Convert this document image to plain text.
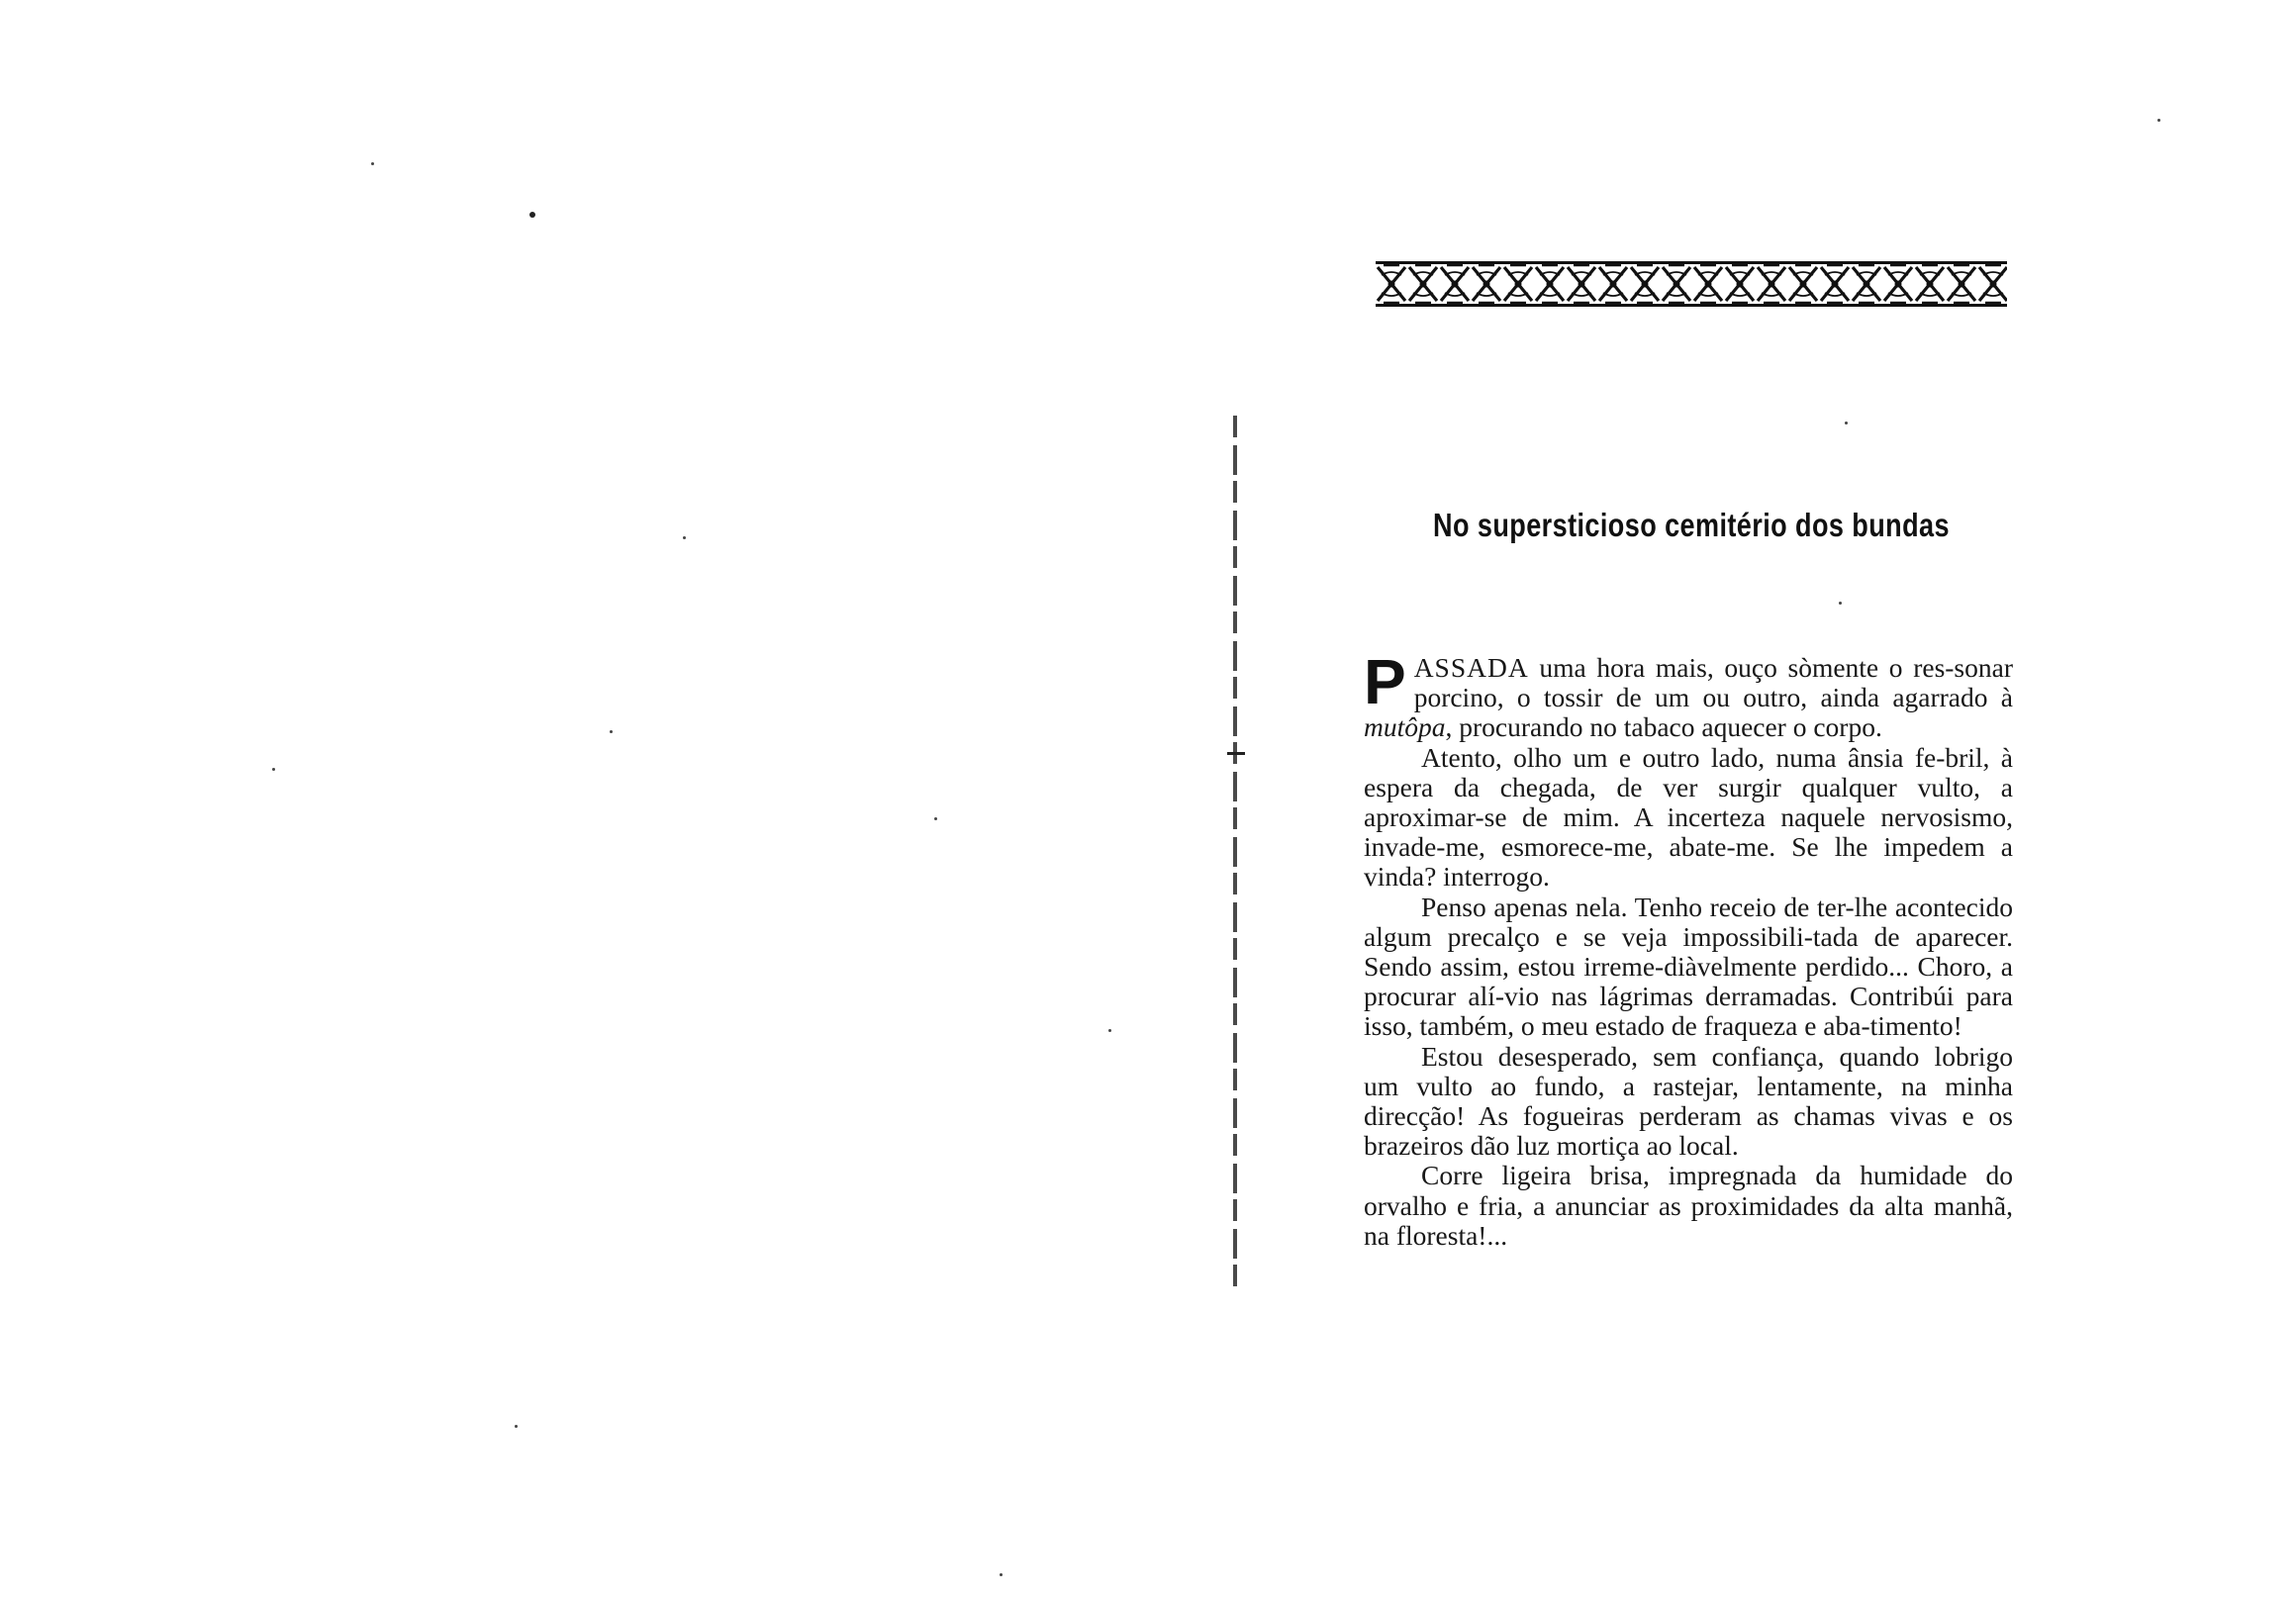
No supersticioso cemitério dos bundas

PASSADA uma hora mais, ouço sòmente o res-sonar porcino, o tossir de um ou outro, ainda agarrado à mutôpa, procurando no tabaco aquecer o corpo.

Atento, olho um e outro lado, numa ânsia fe-bril, à espera da chegada, de ver surgir qualquer vulto, a aproximar-se de mim. A incerteza naquele nervosismo, invade-me, esmorece-me, abate-me. Se lhe impedem a vinda? interrogo.

Penso apenas nela. Tenho receio de ter-lhe acontecido algum precalço e se veja impossibili-tada de aparecer. Sendo assim, estou irreme-diàvelmente perdido... Choro, a procurar alí-vio nas lágrimas derramadas. Contribúi para isso, também, o meu estado de fraqueza e aba-timento!

Estou desesperado, sem confiança, quando lobrigo um vulto ao fundo, a rastejar, lentamente, na minha direcção! As fogueiras perderam as chamas vivas e os brazeiros dão luz mortiça ao local.

Corre ligeira brisa, impregnada da humidade do orvalho e fria, a anunciar as proximidades da alta manhã, na floresta!...
